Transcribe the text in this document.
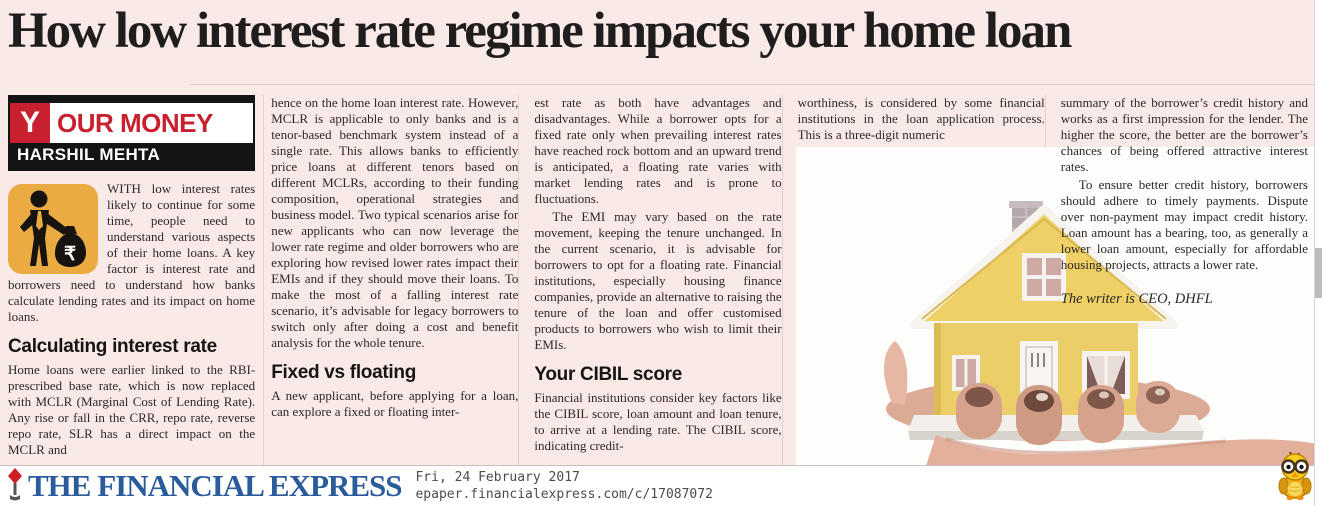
How low interest rate regime impacts your home loan
Y OUR MONEY
HARSHIL MEHTA

₹
WITH low interest rates likely to continue for some time, people need to understand various aspects of their home loans. A key factor is interest rate and borrowers need to understand how banks calculate lending rates and its impact on home loans.

Calculating interest rate

Home loans were earlier linked to the RBI-prescribed base rate, which is now replaced with MCLR (Marginal Cost of Lending Rate). Any rise or fall in the CRR, repo rate, reverse repo rate, SLR has a direct impact on the MCLR and

hence on the home loan interest rate. However, MCLR is applicable to only banks and is a tenor-based benchmark system instead of a single rate. This allows banks to efficiently price loans at different tenors based on different MCLRs, according to their funding composition, operational strategies and business model. Two typical scenarios arise for new applicants who can now leverage the lower rate regime and older borrowers who are exploring how revised lower rates impact their EMIs and if they should move their loans. To make the most of a falling interest rate scenario, it’s advisable for legacy borrowers to switch only after doing a cost and benefit analysis for the whole tenure.

Fixed vs floating

A new applicant, before applying for a loan, can explore a fixed or floating inter-

est rate as both have advantages and disadvantages. While a borrower opts for a fixed rate only when prevailing interest rates have reached rock bottom and an upward trend is anticipated, a floating rate varies with market lending rates and is prone to fluctuations.

The EMI may vary based on the rate movement, keeping the tenure unchanged. In the current scenario, it is advisable for borrowers to opt for a floating rate. Financial institutions, especially housing finance companies, provide an alternative to raising the tenure of the loan and offer customised products to borrowers who wish to limit their EMIs.

Your CIBIL score

Financial institutions consider key factors like the CIBIL score, loan amount and loan tenure, to arrive at a lending rate. The CIBIL score, indicating credit-

worthiness, is considered by some financial institutions in the loan application process. This is a three-digit numeric

summary of the borrower’s credit history and works as a first impression for the lender. The higher the score, the better are the borrower’s chances of being offered attractive interest rates.

To ensure better credit history, borrowers should adhere to timely payments. Dispute over non-payment may impact credit history. Loan amount has a bearing, too, as generally a lower loan amount, especially for affordable housing projects, attracts a lower rate.

The writer is CEO, DHFL

THE FINANCIAL EXPRESS Fri, 24 February 2017
epaper.financialexpress.com/c/17087072
